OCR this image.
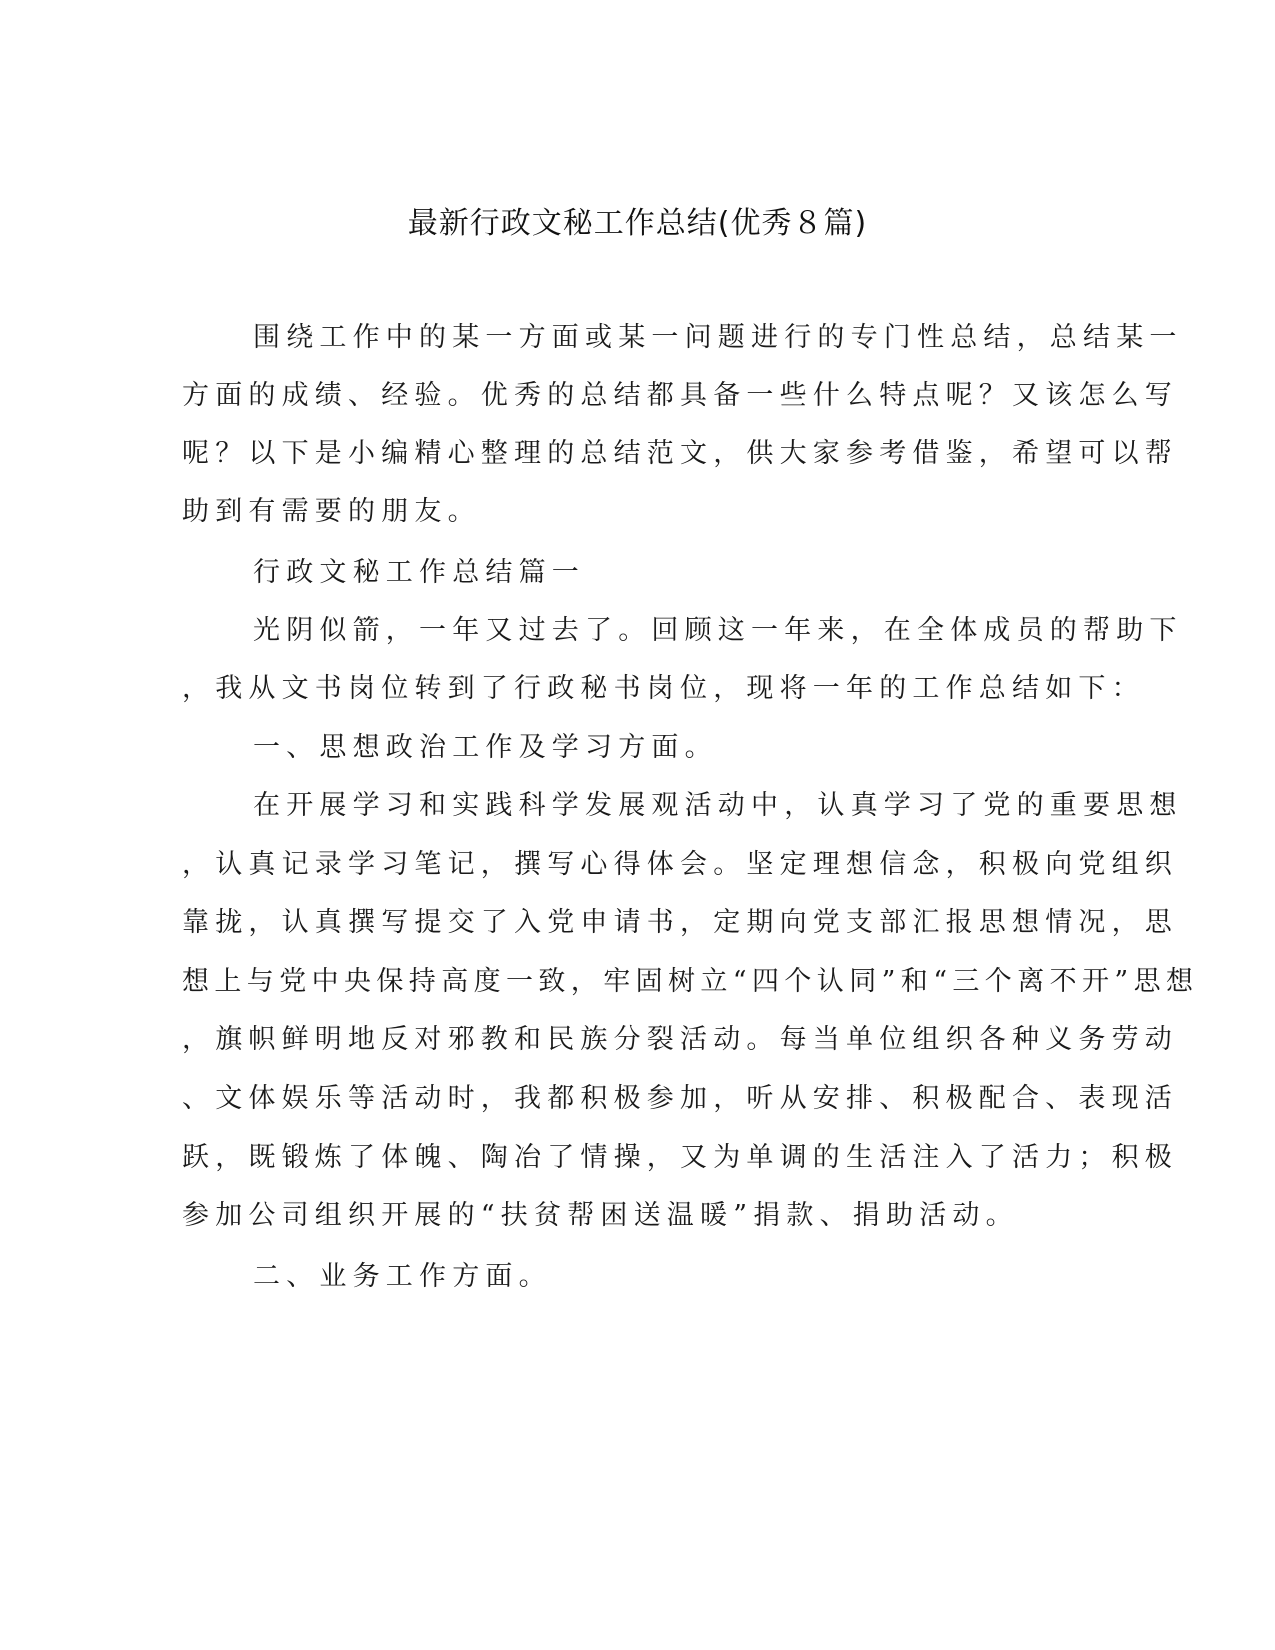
最新行政文秘工作总结(优秀８篇)
围绕工作中的某一方面或某一问题进行的专门性总结，总结某一
方面的成绩、经验。优秀的总结都具备一些什么特点呢？又该怎么写
呢？以下是小编精心整理的总结范文，供大家参考借鉴，希望可以帮
助到有需要的朋友。
行政文秘工作总结篇一
光阴似箭，一年又过去了。回顾这一年来，在全体成员的帮助下
，我从文书岗位转到了行政秘书岗位，现将一年的工作总结如下：
一、思想政治工作及学习方面。
在开展学习和实践科学发展观活动中，认真学习了党的重要思想
，认真记录学习笔记，撰写心得体会。坚定理想信念，积极向党组织
靠拢，认真撰写提交了入党申请书，定期向党支部汇报思想情况，思
想上与党中央保持高度一致，牢固树立“四个认同”和“三个离不开”思想
，旗帜鲜明地反对邪教和民族分裂活动。每当单位组织各种义务劳动
、文体娱乐等活动时，我都积极参加，听从安排、积极配合、表现活
跃，既锻炼了体魄、陶冶了情操，又为单调的生活注入了活力；积极
参加公司组织开展的“扶贫帮困送温暖”捐款、捐助活动。
二、业务工作方面。
